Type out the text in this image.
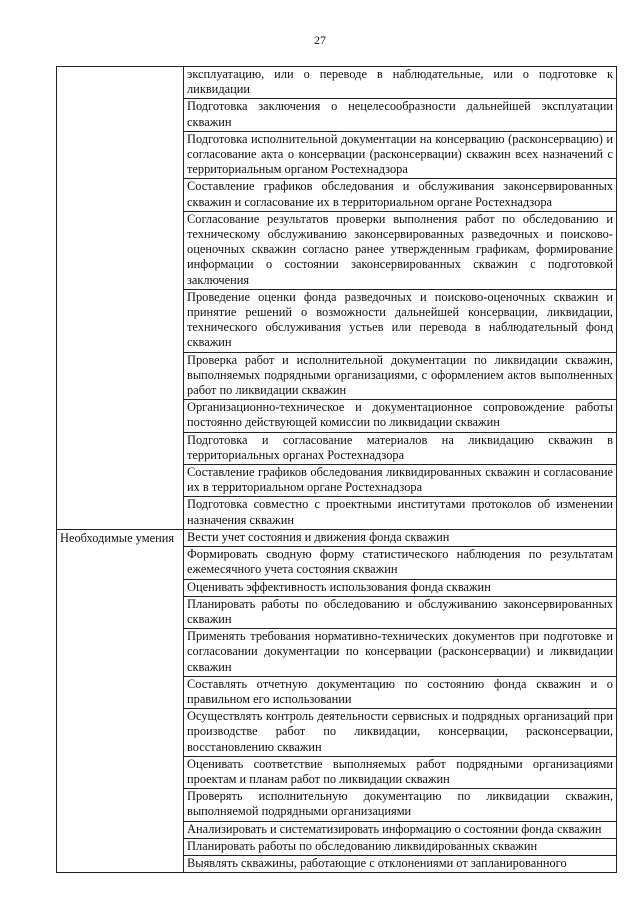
27
	эксплуатацию, или о переводе в наблюдательные, или о подготовке к ликвидации
	Подготовка заключения о нецелесообразности дальнейшей эксплуатации скважин
	Подготовка исполнительной документации на консервацию (расконсервацию) и согласование акта о консервации (расконсервации) скважин всех назначений с территориальным органом Ростехнадзора
	Составление графиков обследования и обслуживания законсервированных скважин и согласование их в территориальном органе Ростехнадзора
	Согласование результатов проверки выполнения работ по обследованию и техническому обслуживанию законсервированных разведочных и поисково-оценочных скважин согласно ранее утвержденным графикам, формирование информации о состоянии законсервированных скважин с подготовкой заключения
	Проведение оценки фонда разведочных и поисково-оценочных скважин и принятие решений о возможности дальнейшей консервации, ликвидации, технического обслуживания устьев или перевода в наблюдательный фонд скважин
	Проверка работ и исполнительной документации по ликвидации скважин, выполняемых подрядными организациями, с оформлением актов выполненных работ по ликвидации скважин
	Организационно-техническое и документационное сопровождение работы постоянно действующей комиссии по ликвидации скважин
	Подготовка и согласование материалов на ликвидацию скважин в территориальных органах Ростехнадзора
	Составление графиков обследования ликвидированных скважин и согласование их в территориальном органе Ростехнадзора
	Подготовка совместно с проектными институтами протоколов об изменении назначения скважин
Необходимые умения	Вести учет состояния и движения фонда скважин
	Формировать сводную форму статистического наблюдения по результатам ежемесячного учета состояния скважин
	Оценивать эффективность использования фонда скважин
	Планировать работы по обследованию и обслуживанию законсервированных скважин
	Применять требования нормативно-технических документов при подготовке и согласовании документации по консервации (расконсервации) и ликвидации скважин
	Составлять отчетную документацию по состоянию фонда скважин и о правильном его использовании
	Осуществлять контроль деятельности сервисных и подрядных организаций при производстве работ по ликвидации, консервации, расконсервации, восстановлению скважин
	Оценивать соответствие выполняемых работ подрядными организациями проектам и планам работ по ликвидации скважин
	Проверять исполнительную документацию по ликвидации скважин, выполняемой подрядными организациями
	Анализировать и систематизировать информацию о состоянии фонда скважин
	Планировать работы по обследованию ликвидированных скважин
	Выявлять скважины, работающие с отклонениями от запланированного
